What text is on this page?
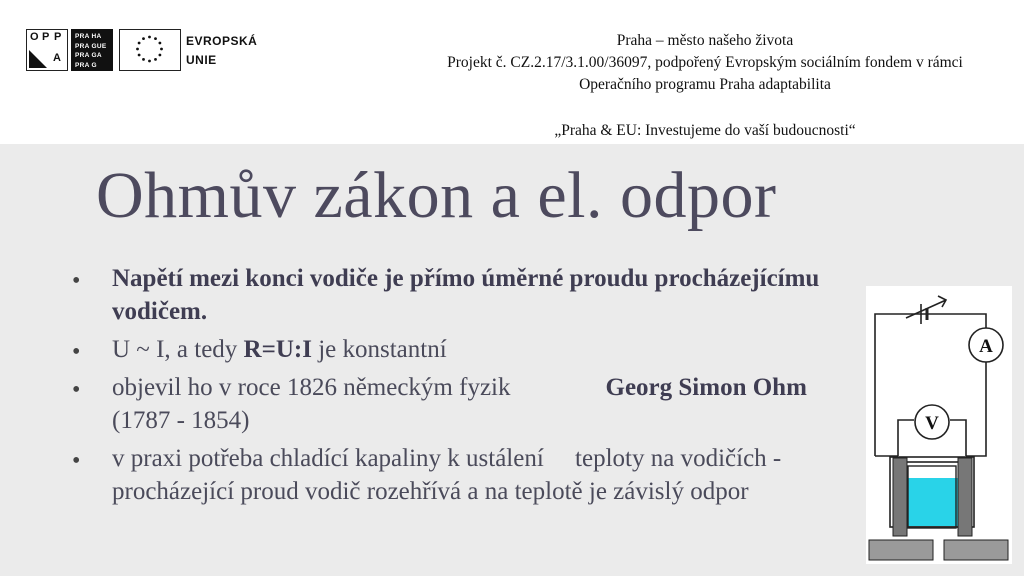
O P P
A
PRA HA
PRA GUE
PRA GA
PRA G
EVROPSKÁ
UNIE
Praha – město našeho života
Projekt č. CZ.2.17/3.1.00/36097, podpořený Evropským sociálním fondem v rámci
Operačního programu Praha adaptabilita
„Praha & EU: Investujeme do vaší budoucnosti“
Ohmův zákon a el. odpor
• Napětí mezi konci vodiče je přímo úměrné proudu procházejícímu vodičem.
• U ~ I, a tedy R=U:I je konstantní
• objevil ho v roce 1826 německým fyzik	Georg Simon Ohm (1787 - 1854)
• v praxi potřeba chladící kapaliny k ustálení     teploty na vodičích - procházející proud vodič rozehřívá a na teplotě je závislý odpor
A
V
